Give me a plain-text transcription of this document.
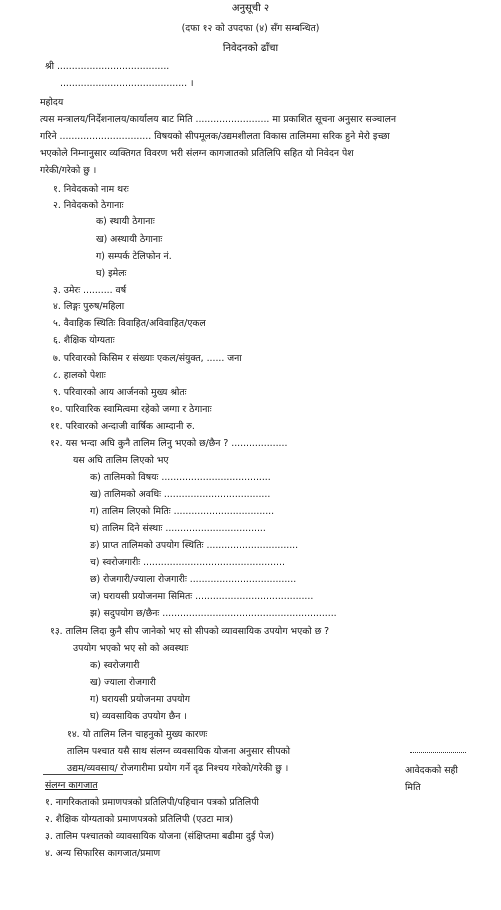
अनुसूची २
(दफा १२ को उपदफा (४) सँग सम्बन्धित)
निवेदनको ढाँचा
श्री ......................................
........................................... ।
महोदय
त्यस मन्त्रालय/निर्देशनालय/कार्यालय बाट मिति ......................... मा प्रकाशित सूचना अनुसार सञ्चालन
गरिने ............................... विषयको सीपमूलक/उद्यमशीलता विकास तालिममा सरिक हुने मेरो इच्छा
भएकोले निम्नानुसार व्यक्तिगत विवरण भरी संलग्न कागजातको प्रतिलिपि सहित यो निवेदन पेश
गरेकी/गरेको छु ।
१. निवेदकको नाम थरः
२. निवेदकको ठेगानाः
क) स्थायी ठेगानाः
ख) अस्थायी ठेगानाः
ग) सम्पर्क टेलिफोन नं.
घ) इमेलः
३. उमेरः .......... वर्ष
४. लिङ्गः पुरुष/महिला
५. वैवाहिक स्थितिः विवाहित/अविवाहित/एकल
६. शैक्षिक योग्यताः
७. परिवारको किसिम र संख्याः एकल/संयुक्त, ...... जना
८. हालको पेशाः
९. परिवारको आय आर्जनको मुख्य श्रोतः
१०. पारिवारिक स्वामित्वमा रहेको जग्गा र ठेगानाः
११. परिवारको अन्दाजी वार्षिक आम्दानी रु.
१२. यस भन्दा अघि कुनै तालिम लिनु भएको छ/छैन ? ...................
यस अघि तालिम लिएको भए
क) तालिमको विषयः .....................................
ख) तालिमको अवधिः ....................................
ग) तालिम लिएको मितिः ..................................
घ) तालिम दिने संस्थाः ..................................
ङ) प्राप्त तालिमको उपयोग स्थितिः ...............................
च) स्वरोजगारीः ................................................
छ) रोजगारी/ज्याला रोजगारीः ....................................
ज) घरायसी प्रयोजनमा सिमितः ........................................
झ) सदुपयोग छ/छैनः ...........................................................
१३. तालिम लिदा कुनै सीप जानेको भए सो सीपको व्यावसायिक उपयोग भएको छ ?
उपयोग भएको भए सो को अवस्थाः
क) स्वरोजगारी
ख) ज्याला रोजगारी
ग) घरायसी प्रयोजनमा उपयोग
घ) व्यवसायिक उपयोग छैन ।
१४. यो तालिम लिन चाहनुको मुख्य कारणः
तालिम पश्चात यसै साथ संलग्न व्यवसायिक योजना अनुसार सीपको
उद्यम/व्यवसाय/ रोजगारीमा प्रयोग गर्ने दृढ निश्चय गरेको/गरेकी छु ।	आवेदकको सही
मिति
संलग्न कागजात
१. नागरिकताको प्रमाणपत्रको प्रतिलिपी/पहिचान पत्रको प्रतिलिपी
२. शैक्षिक योग्यताको प्रमाणपत्रको प्रतिलिपी (एउटा मात्र)
३. तालिम पश्चातको व्यावसायिक योजना (संक्षिप्तमा बढीमा दुई पेज)
४. अन्य सिफारिस कागजात/प्रमाण
